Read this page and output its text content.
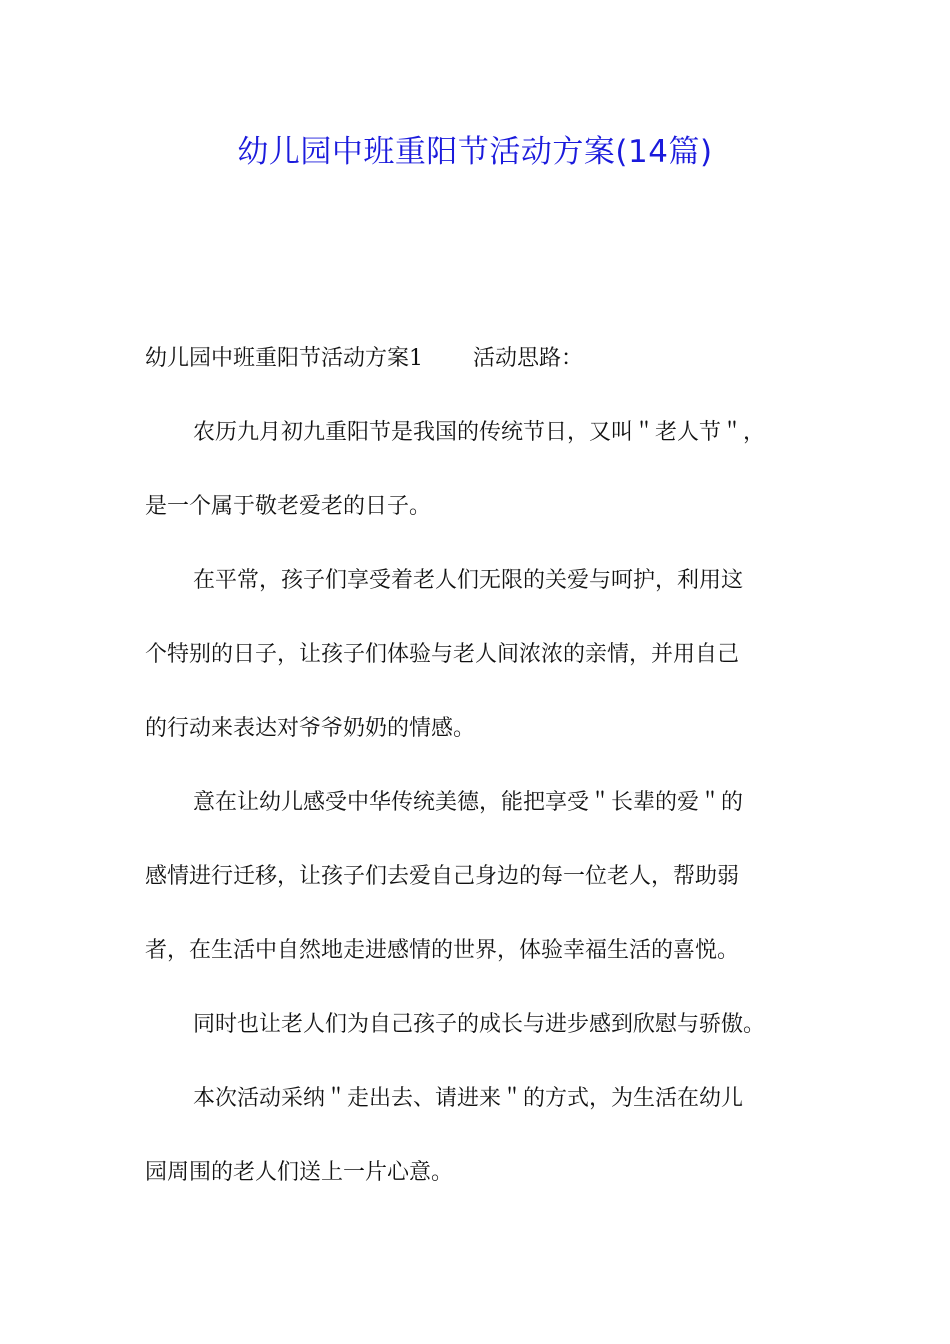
幼儿园中班重阳节活动方案(14篇)
幼儿园中班重阳节活动方案1 活动思路：
农历九月初九重阳节是我国的传统节日，又叫＂老人节＂，
是一个属于敬老爱老的日子。
在平常，孩子们享受着老人们无限的关爱与呵护，利用这
个特别的日子，让孩子们体验与老人间浓浓的亲情，并用自己
的行动来表达对爷爷奶奶的情感。
意在让幼儿感受中华传统美德，能把享受＂长辈的爱＂的
感情进行迁移，让孩子们去爱自己身边的每一位老人，帮助弱
者，在生活中自然地走进感情的世界，体验幸福生活的喜悦。
同时也让老人们为自己孩子的成长与进步感到欣慰与骄傲。
本次活动采纳＂走出去、请进来＂的方式，为生活在幼儿
园周围的老人们送上一片心意。
